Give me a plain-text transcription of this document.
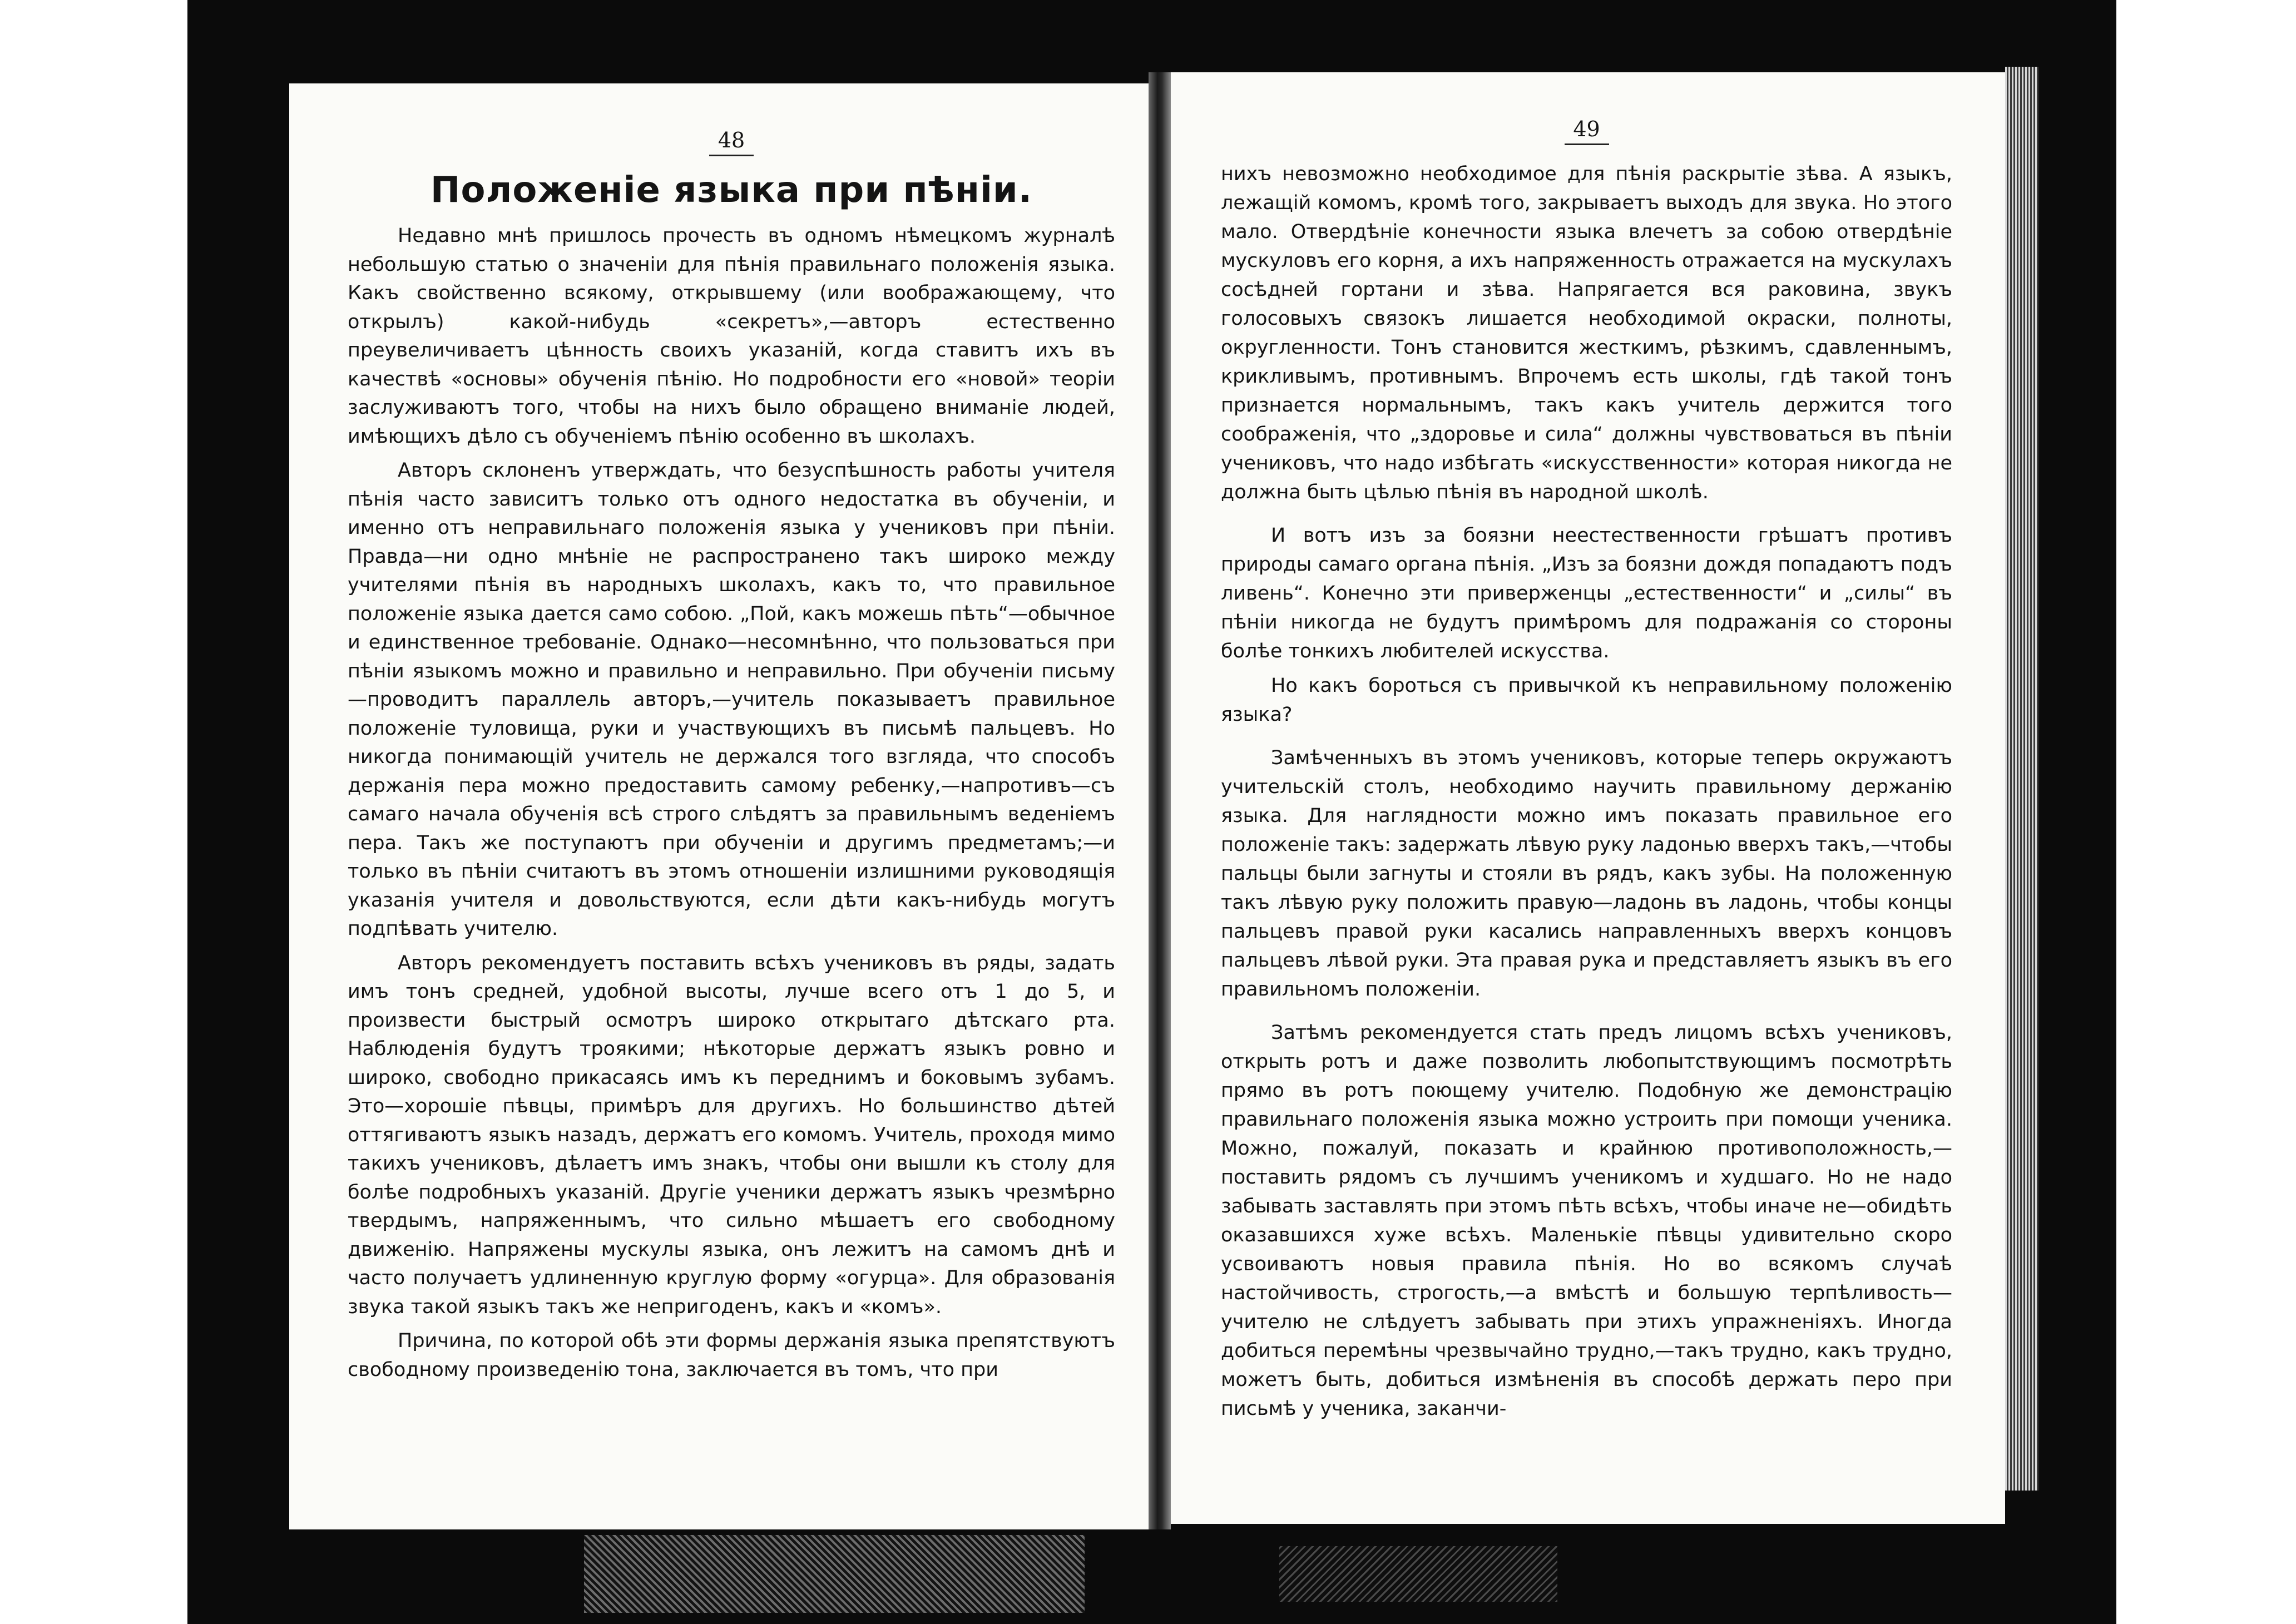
48
Положеніе языка при пѣніи.

Недавно мнѣ пришлось прочесть въ одномъ нѣмецкомъ журналѣ небольшую статью о значеніи для пѣнія правильнаго положенія языка. Какъ свойственно всякому, открывшему (или воображающему, что открылъ) какой-нибудь «секретъ»,—авторъ естественно преувеличиваетъ цѣнность своихъ указаній, когда ставитъ ихъ въ качествѣ «основы» обученія пѣнію. Но подробности его «новой» теоріи заслуживаютъ того, чтобы на нихъ было обращено вниманіе людей, имѣющихъ дѣло съ обученіемъ пѣнію особенно въ школахъ.

Авторъ склоненъ утверждать, что безуспѣшность работы учителя пѣнія часто зависитъ только отъ одного недостатка въ обученіи, и именно отъ неправильнаго положенія языка у учениковъ при пѣніи. Правда—ни одно мнѣніе не распространено такъ широко между учителями пѣнія въ народныхъ школахъ, какъ то, что правильное положеніе языка дается само собою. „Пой, какъ можешь пѣть“—обычное и единственное требованіе. Однако—несомнѣнно, что пользоваться при пѣніи языкомъ можно и правильно и неправильно. При обученіи письму—проводитъ параллель авторъ,—учитель показываетъ правильное положеніе туловища, руки и участвующихъ въ письмѣ пальцевъ. Но никогда понимающій учитель не держался того взгляда, что способъ держанія пера можно предоставить самому ребенку,—напротивъ—съ самаго начала обученія всѣ строго слѣдятъ за правильнымъ веденіемъ пера. Такъ же поступаютъ при обученіи и другимъ предметамъ;—и только въ пѣніи считаютъ въ этомъ отношеніи излишними руководящія указанія учителя и довольствуются, если дѣти какъ-нибудь могутъ подпѣвать учителю.

Авторъ рекомендуетъ поставить всѣхъ учениковъ въ ряды, задать имъ тонъ средней, удобной высоты, лучше всего отъ 1 до 5, и произвести быстрый осмотръ широко открытаго дѣтскаго рта. Наблюденія будутъ троякими; нѣкоторые держатъ языкъ ровно и широко, свободно прикасаясь имъ къ переднимъ и боковымъ зубамъ. Это—хорошіе пѣвцы, примѣръ для другихъ. Но большинство дѣтей оттягиваютъ языкъ назадъ, держатъ его комомъ. Учитель, проходя мимо такихъ учениковъ, дѣлаетъ имъ знакъ, чтобы они вышли къ столу для болѣе подробныхъ указаній. Другіе ученики держатъ языкъ чрезмѣрно твердымъ, напряженнымъ, что сильно мѣшаетъ его свободному движенію. Напряжены мускулы языка, онъ лежитъ на самомъ днѣ и часто получаетъ удлиненную круглую форму «огурца». Для образованія звука такой языкъ такъ же непригоденъ, какъ и «комъ».

Причина, по которой обѣ эти формы держанія языка препятствуютъ свободному произведенію тона, заключается въ томъ, что при

49

нихъ невозможно необходимое для пѣнія раскрытіе зѣва. А языкъ, лежащій комомъ, кромѣ того, закрываетъ выходъ для звука. Но этого мало. Отвердѣніе конечности языка влечетъ за собою отвердѣніе мускуловъ его корня, а ихъ напряженность отражается на мускулахъ сосѣдней гортани и зѣва. Напрягается вся раковина, звукъ голосовыхъ связокъ лишается необходимой окраски, полноты, округленности. Тонъ становится жесткимъ, рѣзкимъ, сдавленнымъ, крикливымъ, противнымъ. Впрочемъ есть школы, гдѣ такой тонъ признается нормальнымъ, такъ какъ учитель держится того соображенія, что „здоровье и сила“ должны чувствоваться въ пѣніи учениковъ, что надо избѣгать «искусственности» которая никогда не должна быть цѣлью пѣнія въ народной школѣ.

И вотъ изъ за боязни неестественности грѣшатъ противъ природы самаго органа пѣнія. „Изъ за боязни дождя попадаютъ подъ ливень“. Конечно эти приверженцы „естественности“ и „силы“ въ пѣніи никогда не будутъ примѣромъ для подражанія со стороны болѣе тонкихъ любителей искусства.

Но какъ бороться съ привычкой къ неправильному положенію языка?

Замѣченныхъ въ этомъ учениковъ, которые теперь окружаютъ учительскій столъ, необходимо научить правильному держанію языка. Для наглядности можно имъ показать правильное его положеніе такъ: задержать лѣвую руку ладонью вверхъ такъ,—чтобы пальцы были загнуты и стояли въ рядъ, какъ зубы. На положенную такъ лѣвую руку положить правую—ладонь въ ладонь, чтобы концы пальцевъ правой руки касались направленныхъ вверхъ концовъ пальцевъ лѣвой руки. Эта правая рука и представляетъ языкъ въ его правильномъ положеніи.

Затѣмъ рекомендуется стать предъ лицомъ всѣхъ учениковъ, открыть ротъ и даже позволить любопытствующимъ посмотрѣть прямо въ ротъ поющему учителю. Подобную же демонстрацію правильнаго положенія языка можно устроить при помощи ученика. Можно, пожалуй, показать и крайнюю противоположность,—поставить рядомъ съ лучшимъ ученикомъ и худшаго. Но не надо забывать заставлять при этомъ пѣть всѣхъ, чтобы иначе не—обидѣть оказавшихся хуже всѣхъ. Маленькіе пѣвцы удивительно скоро усвоиваютъ новыя правила пѣнія. Но во всякомъ случаѣ настойчивость, строгость,—а вмѣстѣ и большую терпѣливость—учителю не слѣдуетъ забывать при этихъ упражненіяхъ. Иногда добиться перемѣны чрезвычайно трудно,—такъ трудно, какъ трудно, можетъ быть, добиться измѣненія въ способѣ держать перо при письмѣ у ученика, заканчи-
